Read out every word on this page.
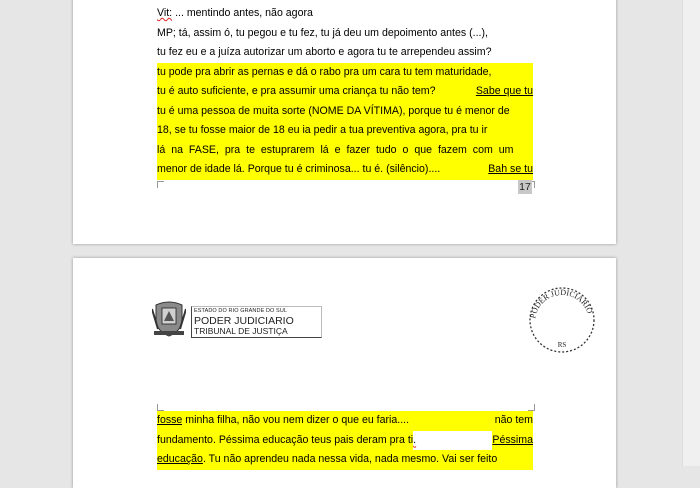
Vit: ... mentindo antes, não agora
MP; tá, assim ó, tu pegou e tu fez, tu já deu um depoimento antes (...),
tu fez eu e a juíza autorizar um aborto e agora tu te arrependeu assim?
tu pode pra abrir as pernas e dá o rabo pra um cara tu tem maturidade,
tu é auto suficiente, e pra assumir uma criança tu não tem?	Sabe que tu
tu é uma pessoa de muita sorte (NOME DA VÍTIMA), porque tu é menor de
18, se tu fosse maior de 18 eu ia pedir a tua preventiva agora, pra tu ir
lá na FASE, pra te estuprarem lá e fazer tudo o que fazem com um
menor de idade lá. Porque tu é criminosa... tu é. (silêncio)....	Bah se tu
17
ESTADO DO RIO GRANDE DO SUL
PODER JUDICIARIO
TRIBUNAL DE JUSTIÇA
PODER JUDICIARIO
RS
fosse minha filha, não vou nem dizer o que eu faria....	não tem
fundamento. Péssima educação teus pais deram pra ti .	Péssima
educação . Tu não aprendeu nada nessa vida, nada mesmo. Vai ser feito
